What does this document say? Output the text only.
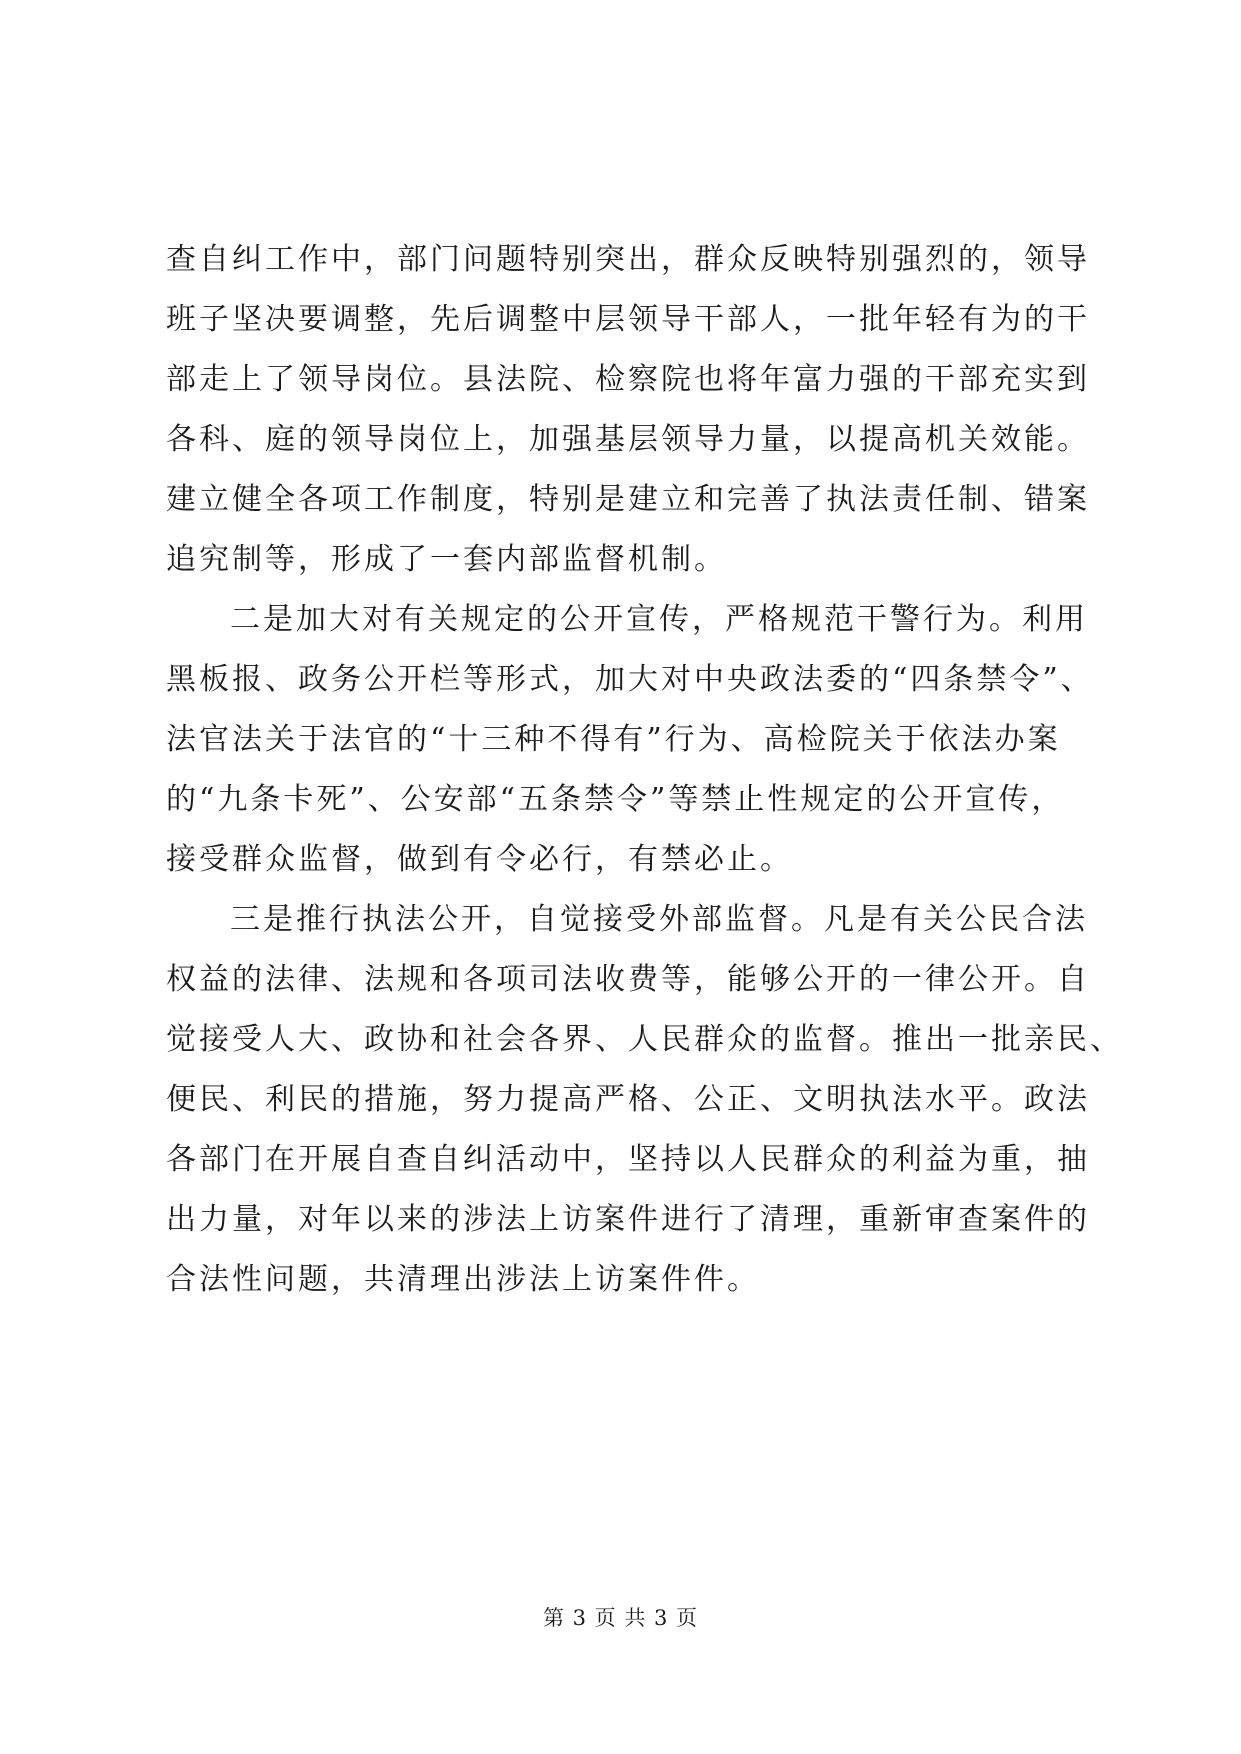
查自纠工作中，部门问题特别突出，群众反映特别强烈的，领导
班子坚决要调整，先后调整中层领导干部人，一批年轻有为的干
部走上了领导岗位。县法院、检察院也将年富力强的干部充实到
各科、庭的领导岗位上，加强基层领导力量，以提高机关效能。
建立健全各项工作制度，特别是建立和完善了执法责任制、错案
追究制等，形成了一套内部监督机制。
二是加大对有关规定的公开宣传，严格规范干警行为。利用
黑板报、政务公开栏等形式，加大对中央政法委的“四条禁令”、
法官法关于法官的“十三种不得有”行为、高检院关于依法办案
的“九条卡死”、公安部“五条禁令”等禁止性规定的公开宣传，
接受群众监督，做到有令必行，有禁必止。
三是推行执法公开，自觉接受外部监督。凡是有关公民合法
权益的法律、法规和各项司法收费等，能够公开的一律公开。自
觉接受人大、政协和社会各界、人民群众的监督。推出一批亲民、
便民、利民的措施，努力提高严格、公正、文明执法水平。政法
各部门在开展自查自纠活动中，坚持以人民群众的利益为重，抽
出力量，对年以来的涉法上访案件进行了清理，重新审查案件的
合法性问题，共清理出涉法上访案件件。
第 3 页 共 3 页
